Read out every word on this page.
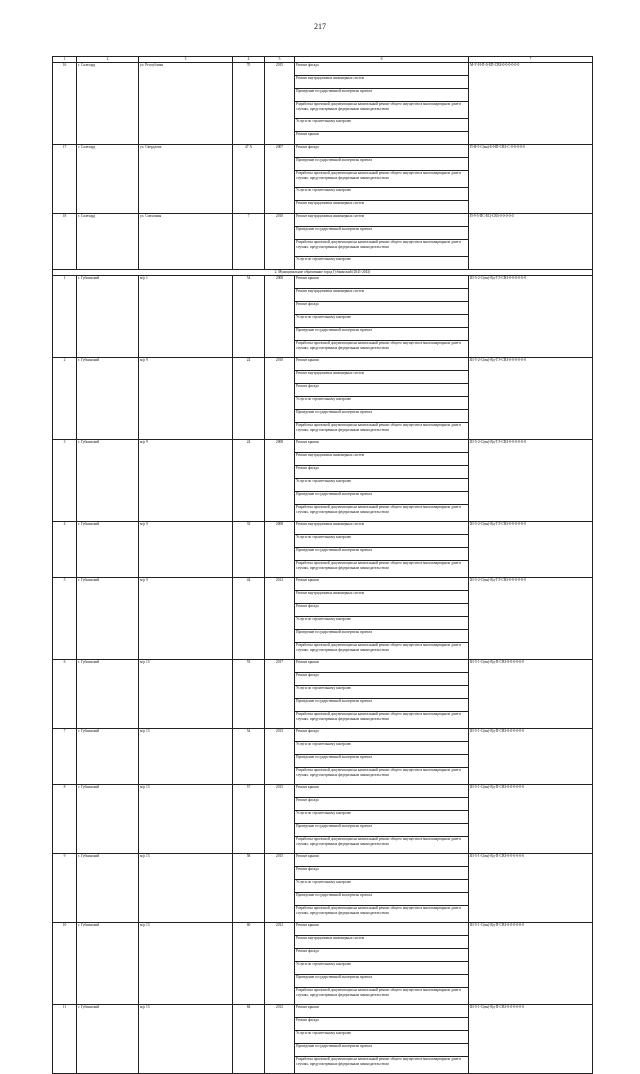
217
1	2	3	4	5	6	7
16	г. Салехард	ул. Республики	70	2015	Ремонт фасада	М-У-Н-П-0-ЕП-СВЗ-0-0-0-0-0-0
					Ремонт внутридомовых инженерных систем	
					Проведение государственной экспертизы проекта	
					Разработка проектной документации на капитальный ремонт общего имущества в многоквартирном доме в случаях, предусмотренных федеральным законодательством	
					Услуги по строительному контролю	
					Ремонт крыши	
17	г. Салехард	ул. Свердлова	47 А	2007	Ремонт фасада	П-Я-5-С(вн)-Б-НП-СВЗ-С-0-0-0-0-0
					Проведение государственной экспертизы проекта	
					Разработка проектной документации на капитальный ремонт общего имущества в многоквартирном доме в случаях, предусмотренных федеральным законодательством	
					Услуги по строительному контролю	
					Ремонт внутридомовых инженерных систем	
18	г. Салехард	ул. Совхозная	7	2010	Ремонт внутридомовых инженерных систем	П-9-5-ПС-ЕЦ-СВЗ-0-0-0-0-0
					Проведение государственной экспертизы проекта	
					Разработка проектной документации на капитальный ремонт общего имущества в многоквартирном доме в случаях, предусмотренных федеральным законодательством	
					Услуги по строительному контролю	
2. Муниципальное образование город Губкинский (2041-2043)						
1	г. Губкинский	м/р 1	54	2008	Ремонт крыши	Ш-5-2-С(вн)-Вд-ТЭ-СВЗ-0-0-0-0-0-0
					Ремонт внутридомовых инженерных систем	
					Ремонт фасада	
					Услуги по строительному контролю	
					Проведение государственной экспертизы проекта	
					Разработка проектной документации на капитальный ремонт общего имущества в многоквартирном доме в случаях, предусмотренных федеральным законодательством	
2	г. Губкинский	м/р 9	22	2010	Ремонт крыши	Ш-5-2-С(вн)-Вд-ТЭ-СВЗ-0-0-0-0-0-0
					Ремонт внутридомовых инженерных систем	
					Ремонт фасада	
					Услуги по строительному контролю	
					Проведение государственной экспертизы проекта	
					Разработка проектной документации на капитальный ремонт общего имущества в многоквартирном доме в случаях, предусмотренных федеральным законодательством	
3	г. Губкинский	м/р 9	24	2008	Ремонт крыши	Ш-5-2-С(вн)-Вд-ТЭ-СВЗ-0-0-0-0-0-0
					Ремонт внутридомовых инженерных систем	
					Ремонт фасада	
					Услуги по строительному контролю	
					Проведение государственной экспертизы проекта	
					Разработка проектной документации на капитальный ремонт общего имущества в многоквартирном доме в случаях, предусмотренных федеральным законодательством	
4	г. Губкинский	м/р 9	33	2008	Ремонт внутридомовых инженерных систем	Ш-5-2-С(вн)-Вд-ТЭ-СВЗ-0-0-0-0-0-0
					Услуги по строительному контролю	
					Проведение государственной экспертизы проекта	
					Разработка проектной документации на капитальный ремонт общего имущества в многоквартирном доме в случаях, предусмотренных федеральным законодательством	
5	г. Губкинский	м/р 9	44	2012	Ремонт крыши	Ш-5-2-С(вн)-Вд-ТЭ-СВЗ-0-0-0-0-0-0
					Ремонт внутридомовых инженерных систем	
					Ремонт фасада	
					Услуги по строительному контролю	
					Проведение государственной экспертизы проекта	
					Разработка проектной документации на капитальный ремонт общего имущества в многоквартирном доме в случаях, предусмотренных федеральным законодательством	
6	г. Губкинский	м/р 13	53	2017	Ремонт крыши	Ш-5-1-С(вн)-Вд-П-СВЗ-0-0-0-0-0-0
					Ремонт фасада	
					Услуги по строительному контролю	
					Проведение государственной экспертизы проекта	
					Разработка проектной документации на капитальный ремонт общего имущества в многоквартирном доме в случаях, предусмотренных федеральным законодательством	
7	г. Губкинский	м/р 13	54	2013	Ремонт фасада	Ш-5-1-С(вн)-Вд-П-СВЗ-0-0-0-0-0-0
					Услуги по строительному контролю	
					Проведение государственной экспертизы проекта	
					Разработка проектной документации на капитальный ремонт общего имущества в многоквартирном доме в случаях, предусмотренных федеральным законодательством	
8	г. Губкинский	м/р 13	57	2015	Ремонт крыши	Ш-5-1-С(вн)-Вд-П-СВЗ-0-0-0-0-0-0
					Ремонт фасада	
					Услуги по строительному контролю	
					Проведение государственной экспертизы проекта	
					Разработка проектной документации на капитальный ремонт общего имущества в многоквартирном доме в случаях, предусмотренных федеральным законодательством	
9	г. Губкинский	м/р 13	58	2015	Ремонт крыши	Ш-5-1-С(вн)-Вд-П-СВЗ-0-0-0-0-0-0
					Ремонт фасада	
					Услуги по строительному контролю	
					Проведение государственной экспертизы проекта	
					Разработка проектной документации на капитальный ремонт общего имущества в многоквартирном доме в случаях, предусмотренных федеральным законодательством	
10	г. Губкинский	м/р 13	60	2012	Ремонт крыши	Ш-5-1-С(вн)-Вд-П-СВЗ-0-0-0-0-0-0
					Ремонт внутридомовых инженерных систем	
					Ремонт фасада	
					Услуги по строительному контролю	
					Проведение государственной экспертизы проекта	
					Разработка проектной документации на капитальный ремонт общего имущества в многоквартирном доме в случаях, предусмотренных федеральным законодательством	
11	г. Губкинский	м/р 13	84	2012	Ремонт крыши	Ш-5-1-С(вн)-Вд-П-СВЗ-0-0-0-0-0-0
					Ремонт фасада	
					Услуги по строительному контролю	
					Проведение государственной экспертизы проекта	
					Разработка проектной документации на капитальный ремонт общего имущества в многоквартирном доме в случаях, предусмотренных федеральным законодательством	
